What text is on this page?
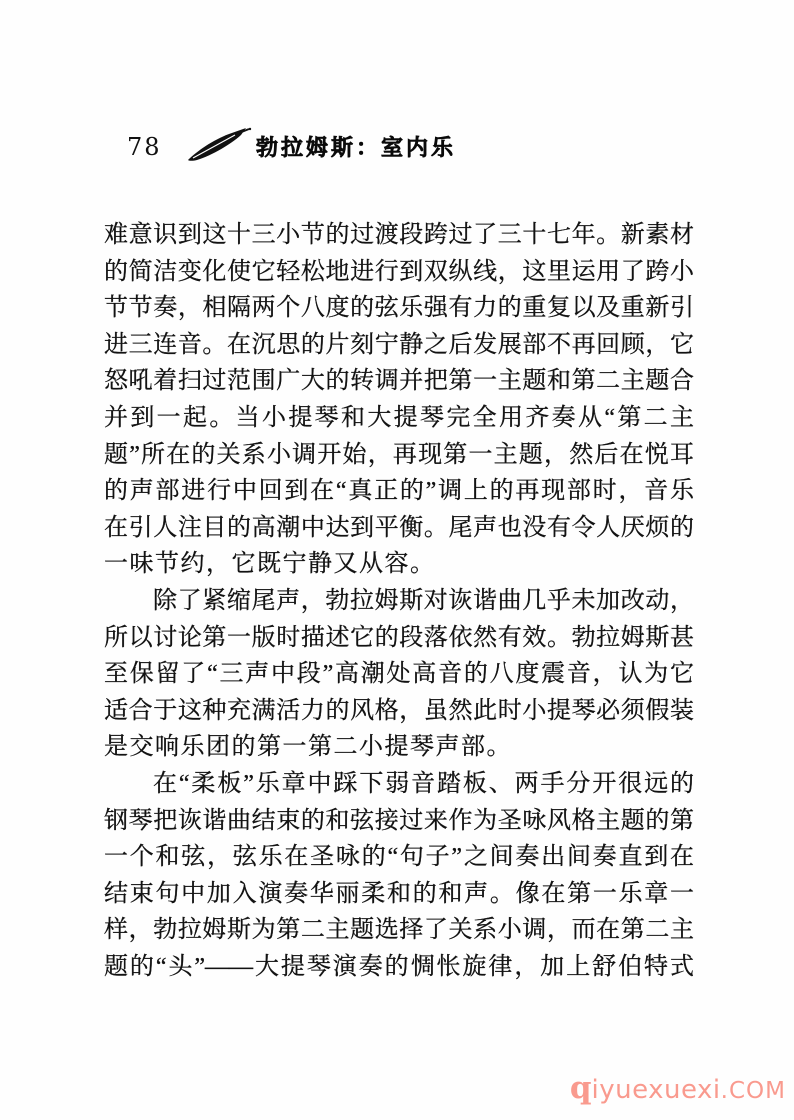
78	勃拉姆斯：室内乐
难意识到这十三小节的过渡段跨过了三十七年。新素材
的简洁变化使它轻松地进行到双纵线，这里运用了跨小
节节奏，相隔两个八度的弦乐强有力的重复以及重新引
进三连音。在沉思的片刻宁静之后发展部不再回顾，它
怒吼着扫过范围广大的转调并把第一主题和第二主题合
并到一起。当小提琴和大提琴完全用齐奏从“第二主
题”所在的关系小调开始，再现第一主题，然后在悦耳
的声部进行中回到在“真正的”调上的再现部时，音乐
在引人注目的高潮中达到平衡。尾声也没有令人厌烦的
一味节约，它既宁静又从容。
除了紧缩尾声，勃拉姆斯对诙谐曲几乎未加改动，
所以讨论第一版时描述它的段落依然有效。勃拉姆斯甚
至保留了“三声中段”高潮处高音的八度震音，认为它
适合于这种充满活力的风格，虽然此时小提琴必须假装
是交响乐团的第一第二小提琴声部。
在“柔板”乐章中踩下弱音踏板、两手分开很远的
钢琴把诙谐曲结束的和弦接过来作为圣咏风格主题的第
一个和弦，弦乐在圣咏的“句子”之间奏出间奏直到在
结束句中加入演奏华丽柔和的和声。像在第一乐章一
样，勃拉姆斯为第二主题选择了关系小调，而在第二主
题的“头”——大提琴演奏的惆怅旋律，加上舒伯特式
qiyuexuexi.COM
